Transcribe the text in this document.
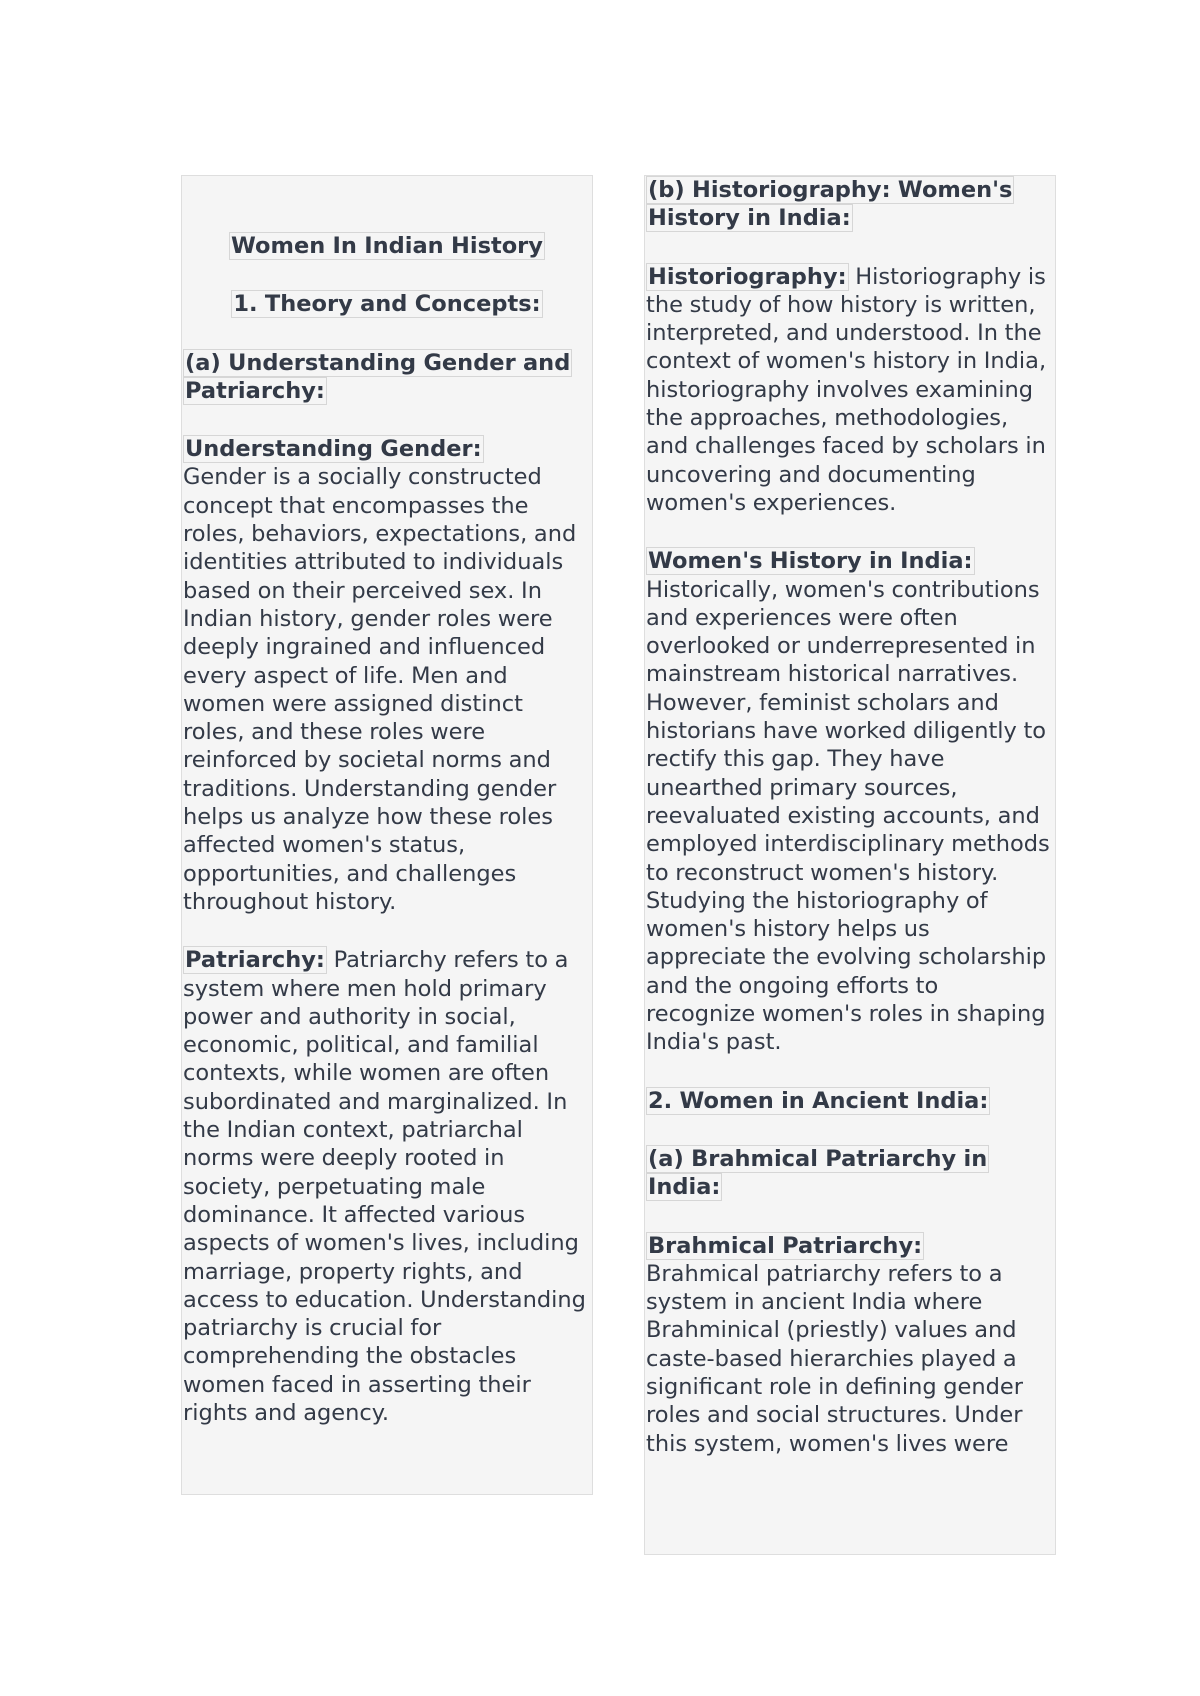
Women In Indian History

1. Theory and Concepts:

(a) Understanding Gender and Patriarchy:

Understanding Gender:
Gender is a socially constructed concept that encompasses the roles, behaviors, expectations, and identities attributed to individuals based on their perceived sex. In Indian history, gender roles were deeply ingrained and influenced every aspect of life. Men and women were assigned distinct roles, and these roles were reinforced by societal norms and traditions. Understanding gender helps us analyze how these roles affected women's status, opportunities, and challenges throughout history.

Patriarchy: Patriarchy refers to a system where men hold primary power and authority in social, economic, political, and familial contexts, while women are often subordinated and marginalized. In the Indian context, patriarchal norms were deeply rooted in society, perpetuating male dominance. It affected various aspects of women's lives, including marriage, property rights, and access to education. Understanding patriarchy is crucial for comprehending the obstacles women faced in asserting their rights and agency.

(b) Historiography: Women's History in India:

Historiography: Historiography is the study of how history is written, interpreted, and understood. In the context of women's history in India, historiography involves examining the approaches, methodologies, and challenges faced by scholars in uncovering and documenting women's experiences.

Women's History in India:
Historically, women's contributions and experiences were often overlooked or underrepresented in mainstream historical narratives. However, feminist scholars and historians have worked diligently to rectify this gap. They have unearthed primary sources, reevaluated existing accounts, and employed interdisciplinary methods to reconstruct women's history. Studying the historiography of women's history helps us appreciate the evolving scholarship and the ongoing efforts to recognize women's roles in shaping India's past.

2. Women in Ancient India:

(a) Brahmical Patriarchy in India:

Brahmical Patriarchy:
Brahmical patriarchy refers to a system in ancient India where Brahminical (priestly) values and caste-based hierarchies played a significant role in defining gender roles and social structures. Under this system, women's lives were
